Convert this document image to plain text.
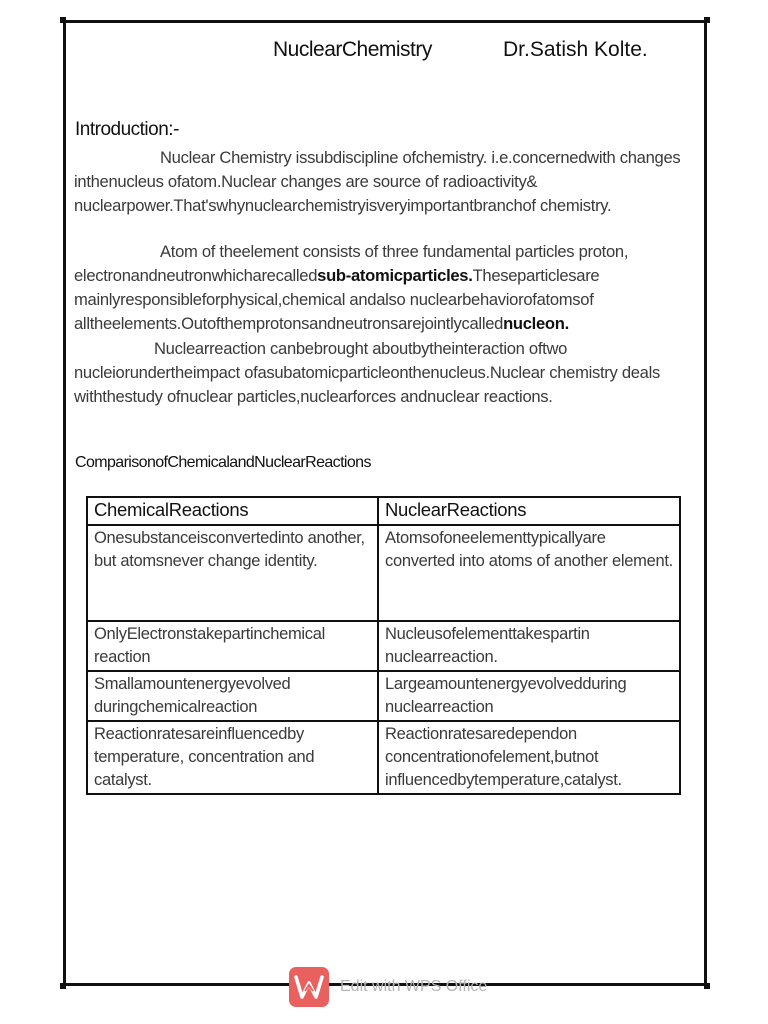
NuclearChemistry	Dr.Satish Kolte.
Introduction:-
Nuclear Chemistry issubdiscipline ofchemistry. i.e.concernedwith changes inthenucleus ofatom.Nuclear changes are source of radioactivity& nuclearpower.That'swhynuclearchemistryisveryimportantbranchof chemistry.
Atom of theelement consists of three fundamental particles proton, electronandneutronwhicharecalledsub-atomicparticles.Theseparticlesare mainlyresponsibleforphysical,chemical andalso nuclearbehaviorofatomsof alltheelements.Outofthemprotonsandneutronsarejointlycallednucleon.
Nuclearreaction canbebrought aboutbytheinteraction oftwo nucleiorundertheimpact ofasubatomicparticleonthenucleus.Nuclear chemistry deals withthestudy ofnuclear particles,nuclearforces andnuclear reactions.
ComparisonofChemicalandNuclearReactions
ChemicalReactions	NuclearReactions
Onesubstanceisconvertedinto another, but atomsnever change identity.	Atomsofoneelementtypicallyare converted into atoms of another element.
OnlyElectronstakepartinchemical reaction	Nucleusofelementtakespartin nuclearreaction.
Smallamountenergyevolved duringchemicalreaction	Largeamountenergyevolvedduring nuclearreaction
Reactionratesareinfluencedby temperature, concentration and catalyst.	Reactionratesaredependon concentrationofelement,butnot influencedbytemperature,catalyst.
Edit with WPS Office
